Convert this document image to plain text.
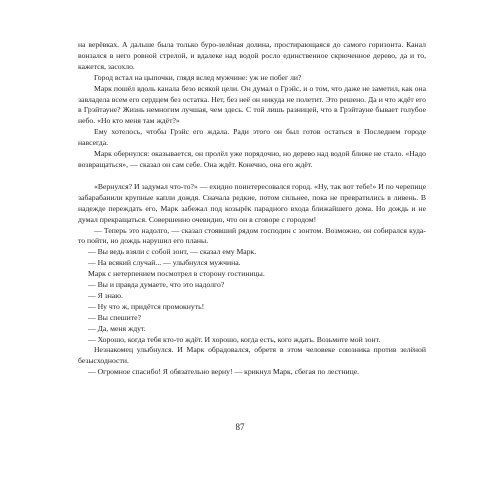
на верёвках. А дальше была только буро-зелёная долина, простирающаяся до самого горизонта. Канал вонзался в него ровной стрелой, и вдалеке над водой росло единственное скрюченное дерево, да и то, кажется, засохло.

Город встал на цыпочки, глядя вслед мужчине: уж не побег ли?

Марк пошёл вдоль канала безо всякой цели. Он думал о Грэйс, и о том, что даже не заметил, как она завладела всем его сердцем без остатка. Нет, без неё он никуда не полетит. Это решено. Да и что ждёт его в Грэйтауне? Жизнь немногим лучшая, чем здесь. С той лишь разницей, что в Грэйтауне бывает голубое небо. «Но кто меня там ждёт?»

Ему хотелось, чтобы Грэйс его ждала. Ради этого он был готов остаться в Последнем городе навсегда.

Марк обернулся: оказывается, он пролёл уже порядочно, но дерево над водой ближе не стало. «Надо возвращаться», — сказал он сам себе. Она ждёт. Конечно, она его ждёт.

«Вернулся? И задумал что-то?» — ехидно поинтересовался город. «Ну, так вот тебе!» И по черепице забарабанили крупные капли дождя. Сначала редкие, потом сильнее, пока не превратились в ливень. В надежде переждать его, Марк забежал под козырёк парадного входа ближайшего дома. Но дождь и не думал прекращаться. Совершенно очевидно, что он в сговоре с городом!

— Теперь это надолго, — сказал стоявший рядом господин с зонтом. Возможно, он собирался куда-то пойти, но дождь нарушил его планы.

— Вы ведь взяли с собой зонт, — сказал ему Марк.

— На всякий случай... — улыбнулся мужчина.

Марк с нетерпением посмотрел в сторону гостиницы.

— Вы и правда думаете, что это надолго?

— Я знаю.

— Ну что ж, придётся промокнуть!

— Вы спешите?

— Да, меня ждут.

— Хорошо, когда тебя кто-то ждёт. И хорошо, когда есть, кого ждать. Возьмите мой зонт.

Незнакомец улыбнулся. И Марк обрадовался, обретя в этом человеке союзника против зелёной безысходности.

— Огромное спасибо! Я обязательно верну! — крикнул Марк, сбегая по лестнице.

87
